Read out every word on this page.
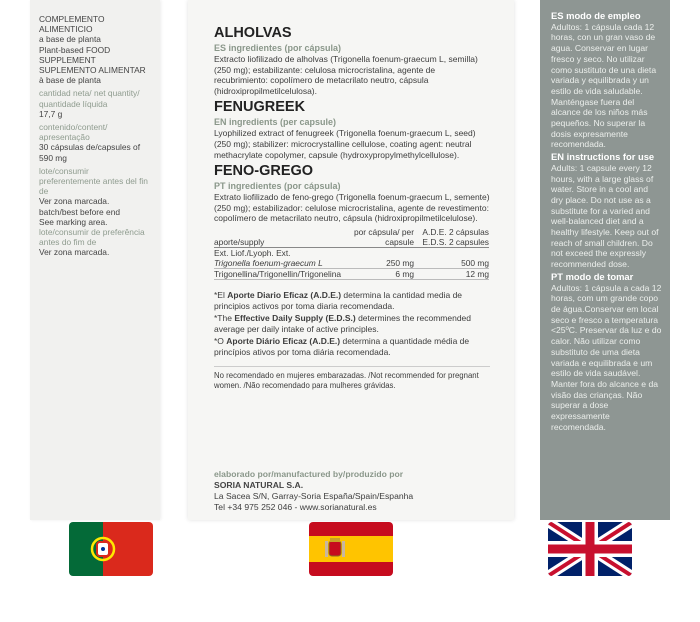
COMPLEMENTO ALIMENTICIO
a base de planta
Plant-based FOOD SUPPLEMENT
SUPLEMENTO ALIMENTAR
à base de planta
cantidad neta/ net quantity/ quantidade líquida
17,7 g
contenido/content/ apresentação
30 cápsulas de/capsules of 590 mg
lote/consumir preferentemente antes del fin de
Ver zona marcada.
batch/best before end
See marking area.
lote/consumir de preferência antes do fim de
Ver zona marcada.
ALHOLVAS
ES ingredientes (por cápsula)

Extracto liofilizado de alholvas (Trigonella foenum-graecum L, semilla)(250 mg); estabilizante: celulosa microcristalina, agente de recubrimiento: copolímero de metacrilato neutro, cápsula (hidroxipropilmetilcelulosa).

FENUGREEK
EN ingredients (per capsule)

Lyophilized extract of fenugreek (Trigonella foenum-graecum L, seed)(250 mg); stabilizer: microcrystalline cellulose, coating agent: neutral methacrylate copolymer, capsule (hydroxypropylmethylcellulose).

FENO-GREGO
PT ingredientes (por cápsula)

Extrato liofilizado de feno-grego (Trigonella foenum-graecum L, semente)(250 mg); estabilizador: celulose microcristalina, agente de revestimento: copolímero de metacrilato neutro, cápsula (hidroxipropilmetilcelulose).

aporte/supply	por cápsula/ per capsule	A.D.E. 2 cápsulas E.D.S. 2 capsules
Ext. Liof./Lyoph. Ext.		
Trigonella foenum-graecum L	250 mg	500 mg
Trigonellina/Trigonellin/Trigonelina	6 mg	12 mg
*El Aporte Diario Eficaz (A.D.E.) determina la cantidad media de principios activos por toma diaria recomendada.
*The Effective Daily Supply (E.D.S.) determines the recommended average per daily intake of active principles.
*O Aporte Diário Eficaz (A.D.E.) determina a quantidade média de princípios ativos por toma diária recomendada.
No recomendado en mujeres embarazadas. /Not recommended for pregnant women. /Não recomendado para mulheres grávidas.
elaborado por/manufactured by/produzido por
SORIA NATURAL S.A.
La Sacea S/N, Garray-Soria España/Spain/Espanha
Tel +34 975 252 046 - www.sorianatural.es
ES modo de empleo

Adultos: 1 cápsula cada 12 horas, con un gran vaso de agua. Conservar en lugar fresco y seco. No utilizar como sustituto de una dieta variada y equilibrada y un estilo de vida saludable. Manténgase fuera del alcance de los niños más pequeños. No superar la dosis expresamente recomendada.

EN instructions for use

Adults: 1 capsule every 12 hours, with a large glass of water. Store in a cool and dry place. Do not use as a substitute for a varied and well-balanced diet and a healthy lifestyle. Keep out of reach of small children. Do not exceed the expressly recommended dose.

PT modo de tomar

Adultos: 1 cápsula a cada 12 horas, com um grande copo de água.Conservar em local seco e fresco a temperatura <25ºC. Preservar da luz e do calor. Não utilizar como substituto de uma dieta variada e equilibrada e um estilo de vida saudável. Manter fora do alcance e da visão das crianças. Não superar a dose expressamente recomendada.
